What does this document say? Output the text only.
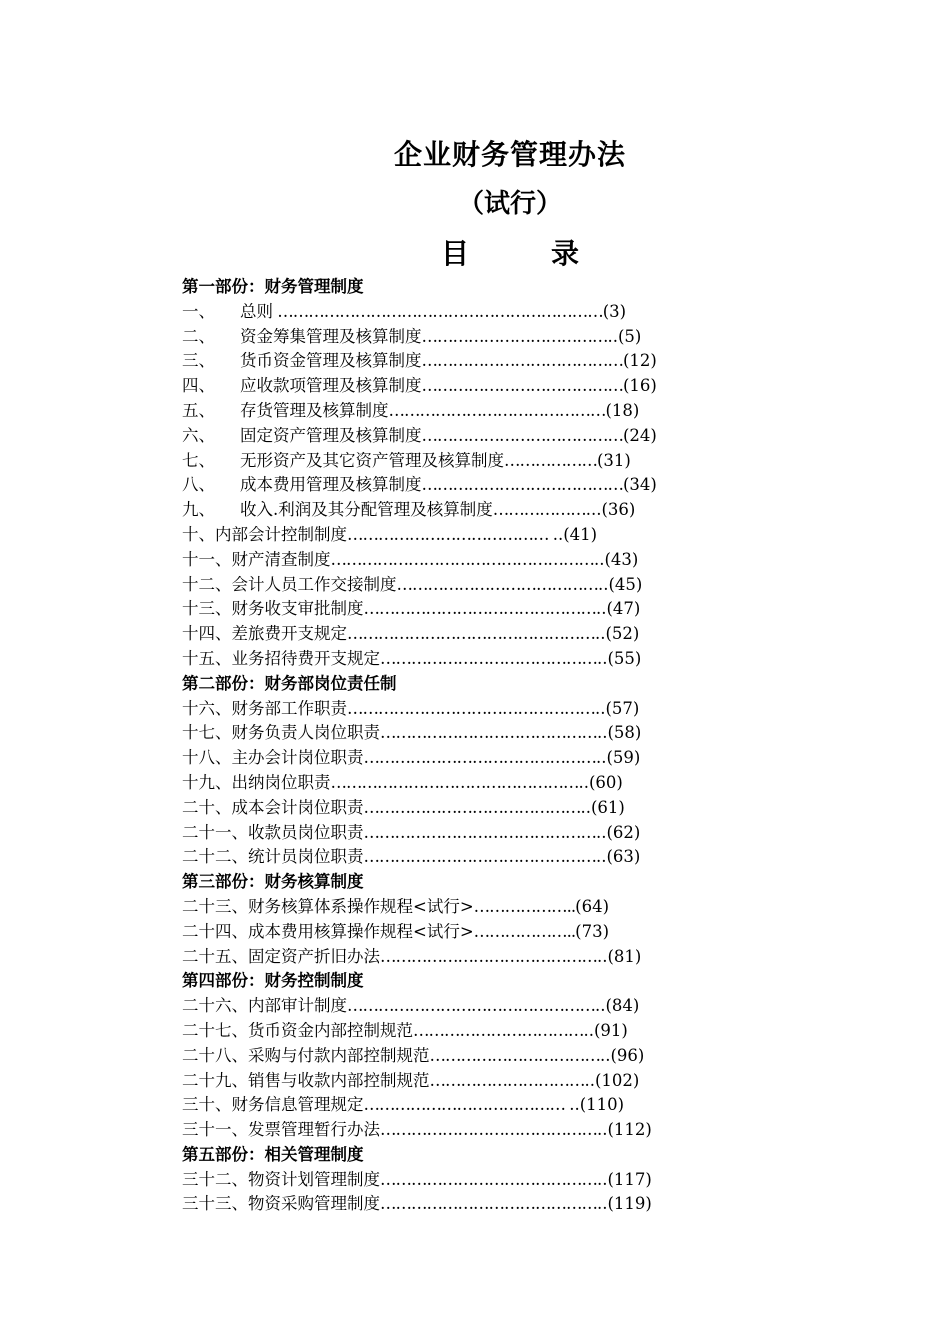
企业财务管理办法
（试行）
目	录
第一部份：财务管理制度
一、 总则 ………………………………………………………(3)
二、 资金筹集管理及核算制度………………………………..(5)
三、 货币资金管理及核算制度…………………………………(12)
四、 应收款项管理及核算制度…………………………………(16)
五、 存货管理及核算制度……………………………………(18)
六、 固定资产管理及核算制度…………………………………(24)
七、 无形资产及其它资产管理及核算制度………………(31)
八、 成本费用管理及核算制度…………………………………(34)
九、 收入.利润及其分配管理及核算制度………………...(36)
十、内部会计控制制度………………………………… ..(41)
十一、财产清查制度……………………………………………..(43)
十二、会计人员工作交接制度…………………………………..(45)
十三、财务收支审批制度………………………………………..(47)
十四、差旅费开支规定…………………………………………..(52)
十五、业务招待费开支规定……………………………………..(55)
第二部份：财务部岗位责任制
十六、财务部工作职责…………………………………………..(57)
十七、财务负责人岗位职责……………………………………..(58)
十八、主办会计岗位职责………………………………………..(59)
十九、出纳岗位职责…………………………………………..(60)
二十、成本会计岗位职责……………………………………..(61)
二十一、收款员岗位职责………………………………………..(62)
二十二、统计员岗位职责………………………………………..(63)
第三部份：财务核算制度
二十三、财务核算体系操作规程<试行>………………..(64)
二十四、成本费用核算操作规程<试行>………………..(73)
二十五、固定资产折旧办法……………………………………..(81)
第四部份：财务控制制度
二十六、内部审计制度…………………………………………..(84)
二十七、货币资金内部控制规范……………………………..(91)
二十八、采购与付款内部控制规范……………………………..(96)
二十九、销售与收款内部控制规范…………………………..(102)
三十、财务信息管理规定………………………………… ..(110)
三十一、发票管理暂行办法……………………………………..(112)
第五部份：相关管理制度
三十二、物资计划管理制度……………………………………..(117)
三十三、物资采购管理制度……………………………………..(119)
